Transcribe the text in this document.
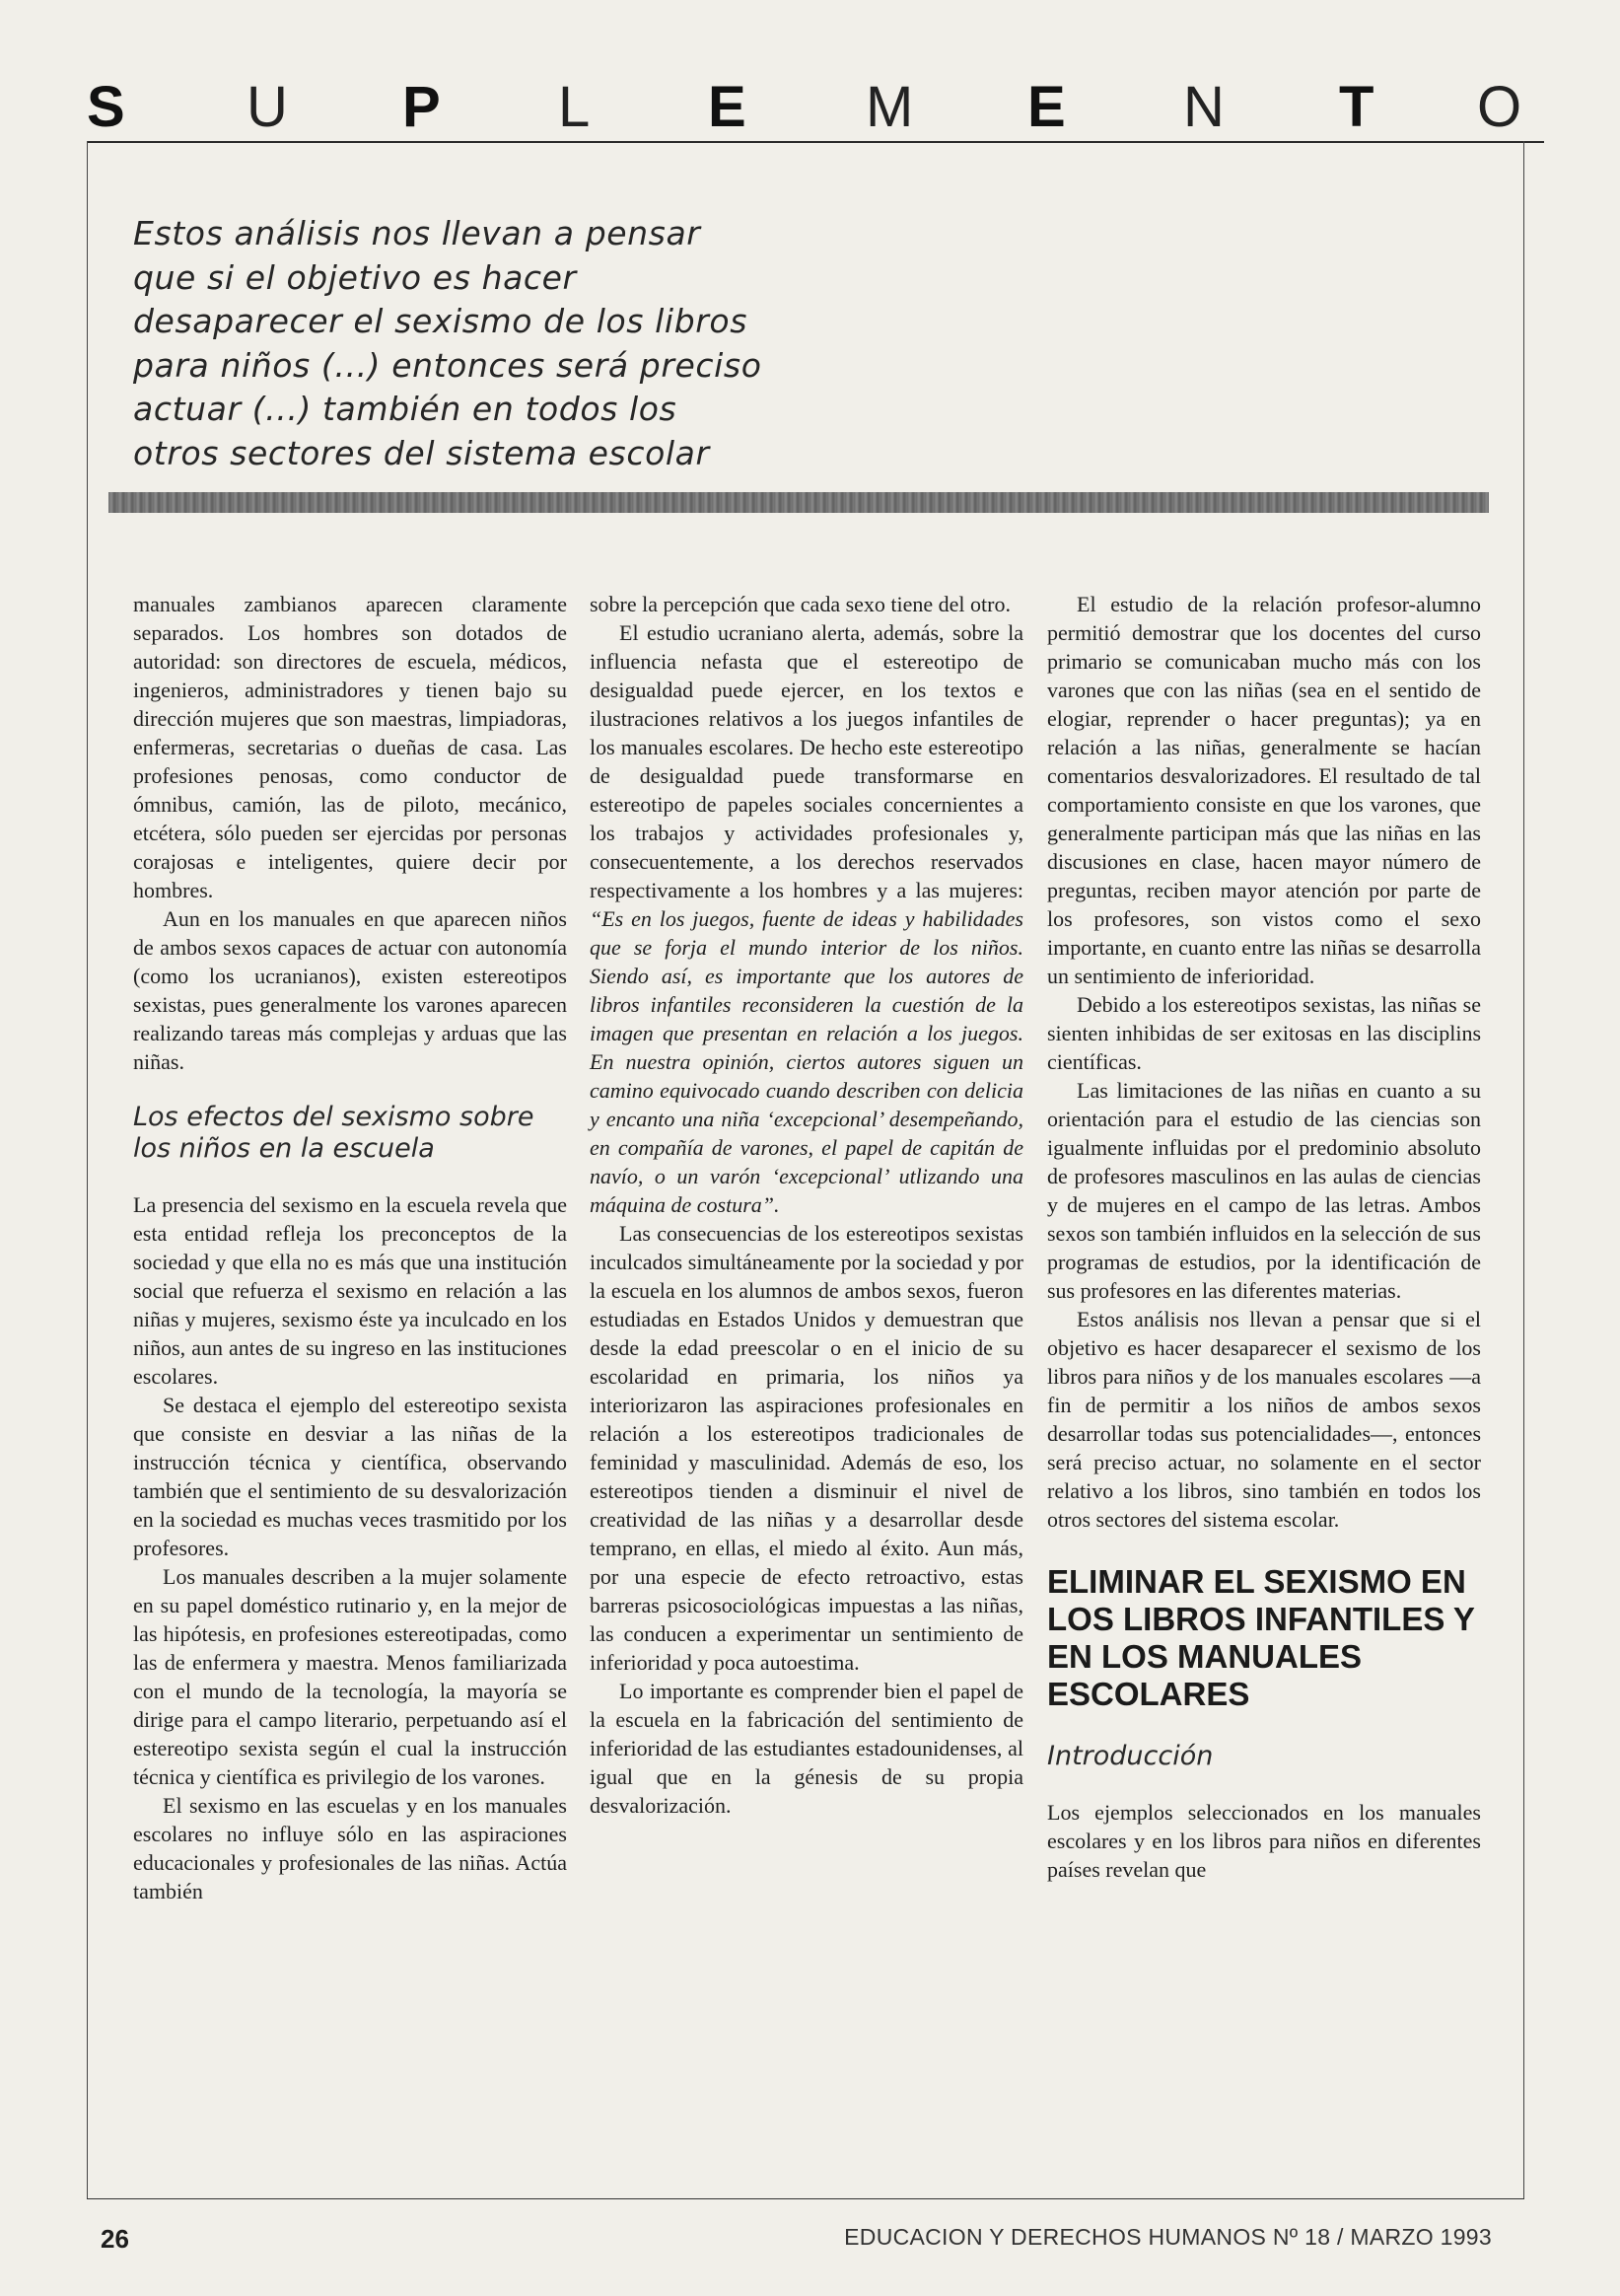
S U P L E M E N T O
Estos análisis nos llevan a pensar
que si el objetivo es hacer
desaparecer el sexismo de los libros
para niños (...) entonces será preciso
actuar (...) también en todos los
otros sectores del sistema escolar

manuales zambianos aparecen claramente separados. Los hombres son dotados de autoridad: son directores de escuela, médicos, ingenieros, administradores y tienen bajo su dirección mujeres que son maestras, limpiadoras, enfermeras, secretarias o dueñas de casa. Las profesiones penosas, como conductor de ómnibus, camión, las de piloto, mecánico, etcétera, sólo pueden ser ejercidas por personas corajosas e inteligentes, quiere decir por hombres.

Aun en los manuales en que aparecen niños de ambos sexos capaces de actuar con autonomía (como los ucranianos), existen estereotipos sexistas, pues generalmente los varones aparecen realizando tareas más complejas y arduas que las niñas.

Los efectos del sexismo sobre los niños en la escuela

La presencia del sexismo en la escuela revela que esta entidad refleja los preconceptos de la sociedad y que ella no es más que una institución social que refuerza el sexismo en relación a las niñas y mujeres, sexismo éste ya inculcado en los niños, aun antes de su ingreso en las instituciones escolares.

Se destaca el ejemplo del estereotipo sexista que consiste en desviar a las niñas de la instrucción técnica y científica, observando también que el sentimiento de su desvalorización en la sociedad es muchas veces trasmitido por los profesores.

Los manuales describen a la mujer solamente en su papel doméstico rutinario y, en la mejor de las hipótesis, en profesiones estereotipadas, como las de enfermera y maestra. Menos familiarizada con el mundo de la tecnología, la mayoría se dirige para el campo literario, perpetuando así el estereotipo sexista según el cual la instrucción técnica y científica es privilegio de los varones.

El sexismo en las escuelas y en los manuales escolares no influye sólo en las aspiraciones educacionales y profesionales de las niñas. Actúa también

sobre la percepción que cada sexo tiene del otro.

El estudio ucraniano alerta, además, sobre la influencia nefasta que el estereotipo de desigualdad puede ejercer, en los textos e ilustraciones relativos a los juegos infantiles de los manuales escolares. De hecho este estereotipo de desigualdad puede transformarse en estereotipo de papeles sociales concernientes a los trabajos y actividades profesionales y, consecuentemente, a los derechos reservados respectivamente a los hombres y a las mujeres: “Es en los juegos, fuente de ideas y habilidades que se forja el mundo interior de los niños. Siendo así, es importante que los autores de libros infantiles reconsideren la cuestión de la imagen que presentan en relación a los juegos. En nuestra opinión, ciertos autores siguen un camino equivocado cuando describen con delicia y encanto una niña ‘excepcional’ desempeñando, en compañía de varones, el papel de capitán de navío, o un varón ‘excepcional’ utlizando una máquina de costura”.

Las consecuencias de los estereotipos sexistas inculcados simultáneamente por la sociedad y por la escuela en los alumnos de ambos sexos, fueron estudiadas en Estados Unidos y demuestran que desde la edad preescolar o en el inicio de su escolaridad en primaria, los niños ya interiorizaron las aspiraciones profesionales en relación a los estereotipos tradicionales de feminidad y masculinidad. Además de eso, los estereotipos tienden a disminuir el nivel de creatividad de las niñas y a desarrollar desde temprano, en ellas, el miedo al éxito. Aun más, por una especie de efecto retroactivo, estas barreras psicosociológicas impuestas a las niñas, las conducen a experimentar un sentimiento de inferioridad y poca autoestima.

Lo importante es comprender bien el papel de la escuela en la fabricación del sentimiento de inferioridad de las estudiantes estadounidenses, al igual que en la génesis de su propia desvalorización.

El estudio de la relación profesor-alumno permitió demostrar que los docentes del curso primario se comunicaban mucho más con los varones que con las niñas (sea en el sentido de elogiar, reprender o hacer preguntas); ya en relación a las niñas, generalmente se hacían comentarios desvalorizadores. El resultado de tal comportamiento consiste en que los varones, que generalmente participan más que las niñas en las discusiones en clase, hacen mayor número de preguntas, reciben mayor atención por parte de los profesores, son vistos como el sexo importante, en cuanto entre las niñas se desarrolla un sentimiento de inferioridad.

Debido a los estereotipos sexistas, las niñas se sienten inhibidas de ser exitosas en las disciplins científicas.

Las limitaciones de las niñas en cuanto a su orientación para el estudio de las ciencias son igualmente influidas por el predominio absoluto de profesores masculinos en las aulas de ciencias y de mujeres en el campo de las letras. Ambos sexos son también influidos en la selección de sus programas de estudios, por la identificación de sus profesores en las diferentes materias.

Estos análisis nos llevan a pensar que si el objetivo es hacer desaparecer el sexismo de los libros para niños y de los manuales escolares —a fin de permitir a los niños de ambos sexos desarrollar todas sus potencialidades—, entonces será preciso actuar, no solamente en el sector relativo a los libros, sino también en todos los otros sectores del sistema escolar.

ELIMINAR EL SEXISMO EN LOS LIBROS INFANTILES Y EN LOS MANUALES ESCOLARES
Introducción

Los ejemplos seleccionados en los manuales escolares y en los libros para niños en diferentes países revelan que

26	EDUCACION Y DERECHOS HUMANOS Nº 18 / MARZO 1993
